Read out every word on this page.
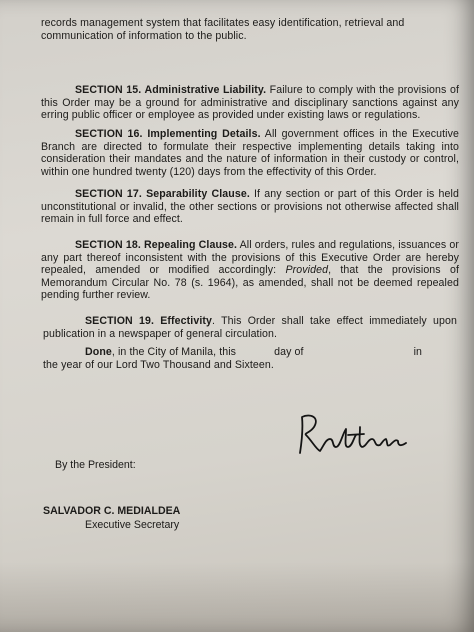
records management system that facilitates easy identification, retrieval and
communication of information to the public.
SECTION 15. Administrative Liability. Failure to comply with the provisions of this Order may be a ground for administrative and disciplinary sanctions against any erring public officer or employee as provided under existing laws or regulations.
SECTION 16. Implementing Details. All government offices in the Executive Branch are directed to formulate their respective implementing details taking into consideration their mandates and the nature of information in their custody or control, within one hundred twenty (120) days from the effectivity of this Order.
SECTION 17. Separability Clause. If any section or part of this Order is held unconstitutional or invalid, the other sections or provisions not otherwise affected shall remain in full force and effect.
SECTION 18. Repealing Clause. All orders, rules and regulations, issuances or any part thereof inconsistent with the provisions of this Executive Order are hereby repealed, amended or modified accordingly: Provided, that the provisions of Memorandum Circular No. 78 (s. 1964), as amended, shall not be deemed repealed pending further review.
SECTION 19. Effectivity. This Order shall take effect immediately upon publication in a newspaper of general circulation.
Done, in the City of Manila, this	day of	in
the year of our Lord Two Thousand and Sixteen.
By the President:
SALVADOR C. MEDIALDEA
Executive Secretary
